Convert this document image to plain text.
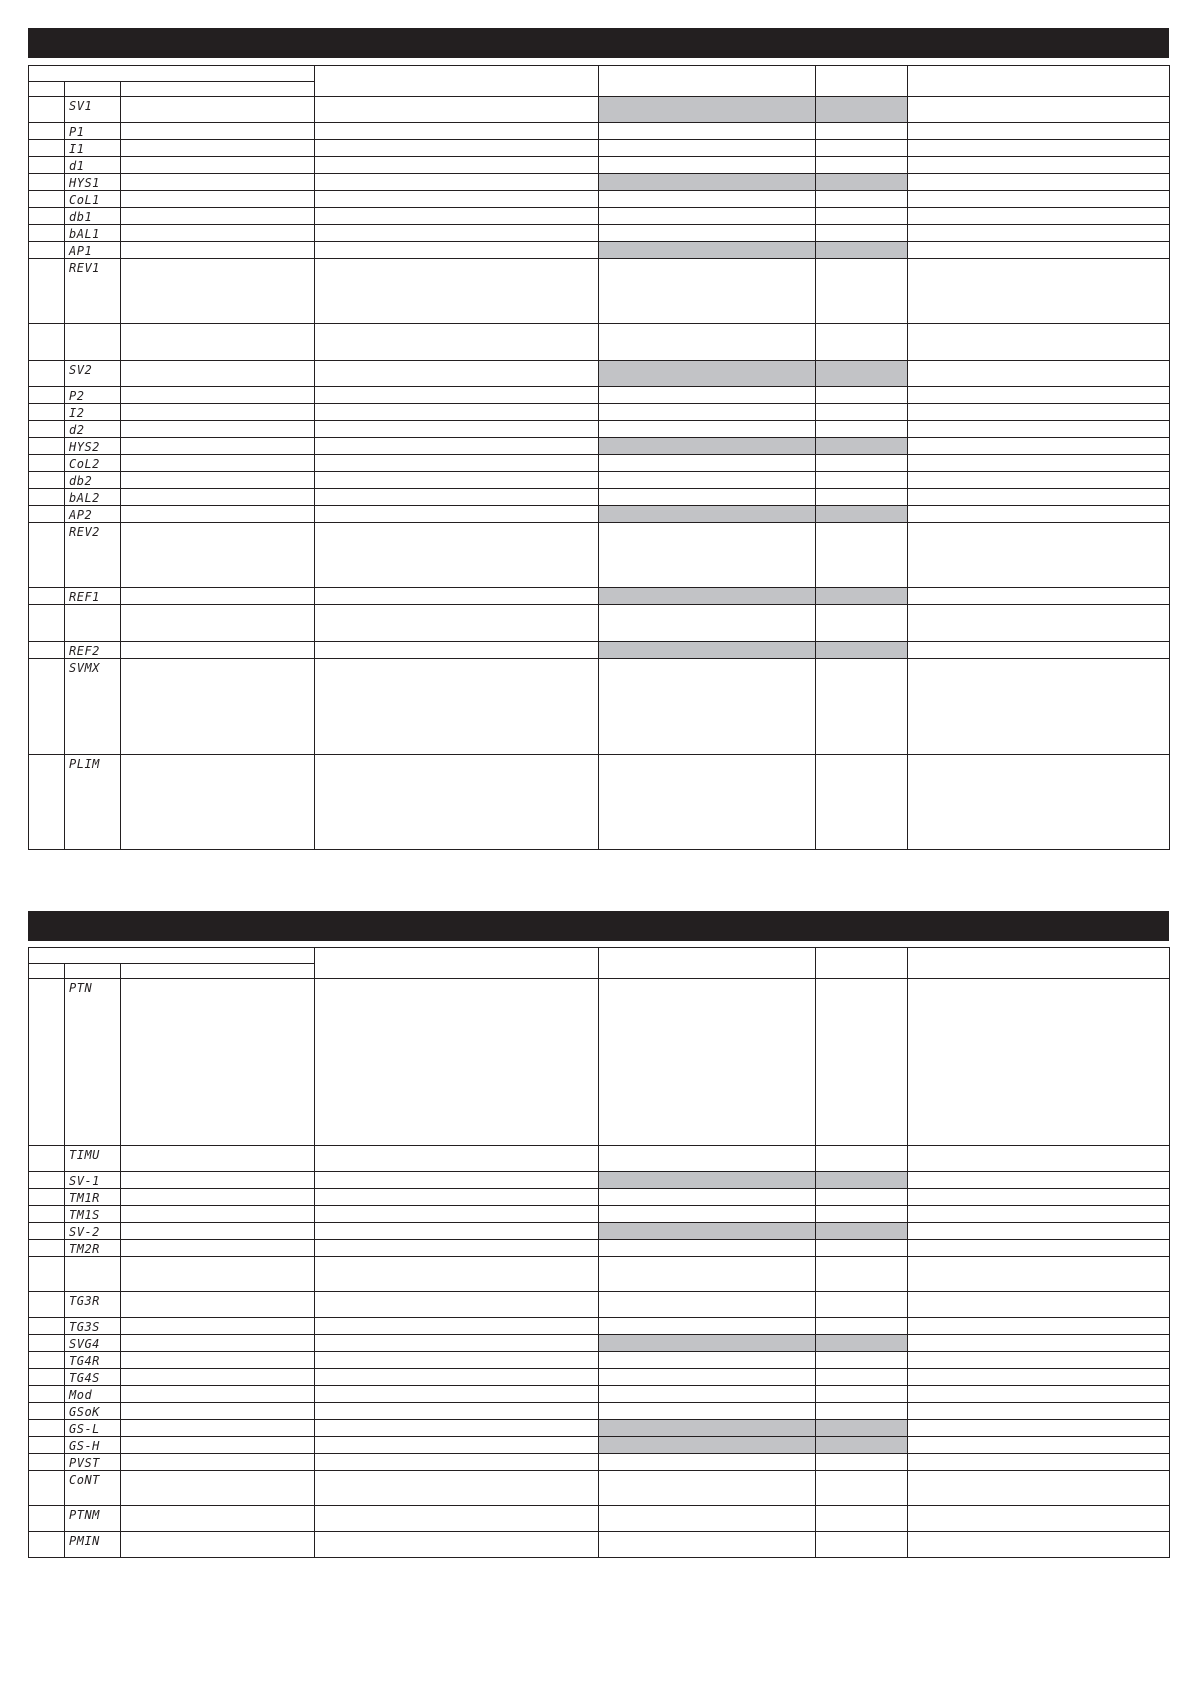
	SV1					
	P1					
	I1					
	d1					
	HYS1					
	CoL1					
	db1					
	bAL1					
	AP1					
	REV1					

	SV2					
	P2					
	I2					
	d2					
	HYS2					
	CoL2					
	db2					
	bAL2					
	AP2					
	REV2					
	REF1					

	REF2					
	SVMX					
	PLIM					

	PTN					
	TIMU					
	SV-1					
	TM1R					
	TM1S					
	SV-2					
	TM2R					

	TG3R					
	TG3S					
	SVG4					
	TG4R					
	TG4S					
	Mod					
	GSoK					
	GS-L					
	GS-H					
	PVST					
	CoNT					
	PTNM					
	PMIN					
